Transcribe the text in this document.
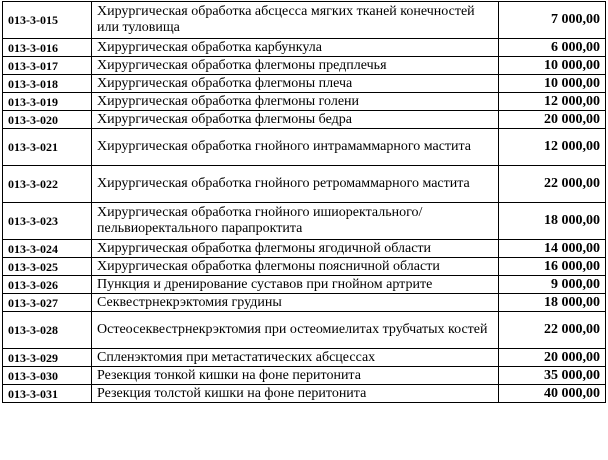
013-3-015	Хирургическая обработка абсцесса мягких тканей конечностей или туловища	7 000,00
013-3-016	Хирургическая обработка карбункула	6 000,00
013-3-017	Хирургическая обработка флегмоны предплечья	10 000,00
013-3-018	Хирургическая обработка флегмоны плеча	10 000,00
013-3-019	Хирургическая обработка флегмоны голени	12 000,00
013-3-020	Хирургическая обработка флегмоны бедра	20 000,00
013-3-021	Хирургическая обработка гнойного интрамаммарного мастита	12 000,00
013-3-022	Хирургическая обработка гнойного ретромаммарного мастита	22 000,00
013-3-023	Хирургическая обработка гнойного ишиоректального/пельвиоректального парапроктита	18 000,00
013-3-024	Хирургическая обработка флегмоны ягодичной области	14 000,00
013-3-025	Хирургическая обработка флегмоны поясничной области	16 000,00
013-3-026	Пункция и дренирование суставов при гнойном артрите	9 000,00
013-3-027	Секвестрнекрэктомия грудины	18 000,00
013-3-028	Остеосеквестрнекрэктомия при остеомиелитах трубчатых костей	22 000,00
013-3-029	Спленэктомия при метастатических абсцессах	20 000,00
013-3-030	Резекция тонкой кишки на фоне перитонита	35 000,00
013-3-031	Резекция толстой кишки на фоне перитонита	40 000,00
